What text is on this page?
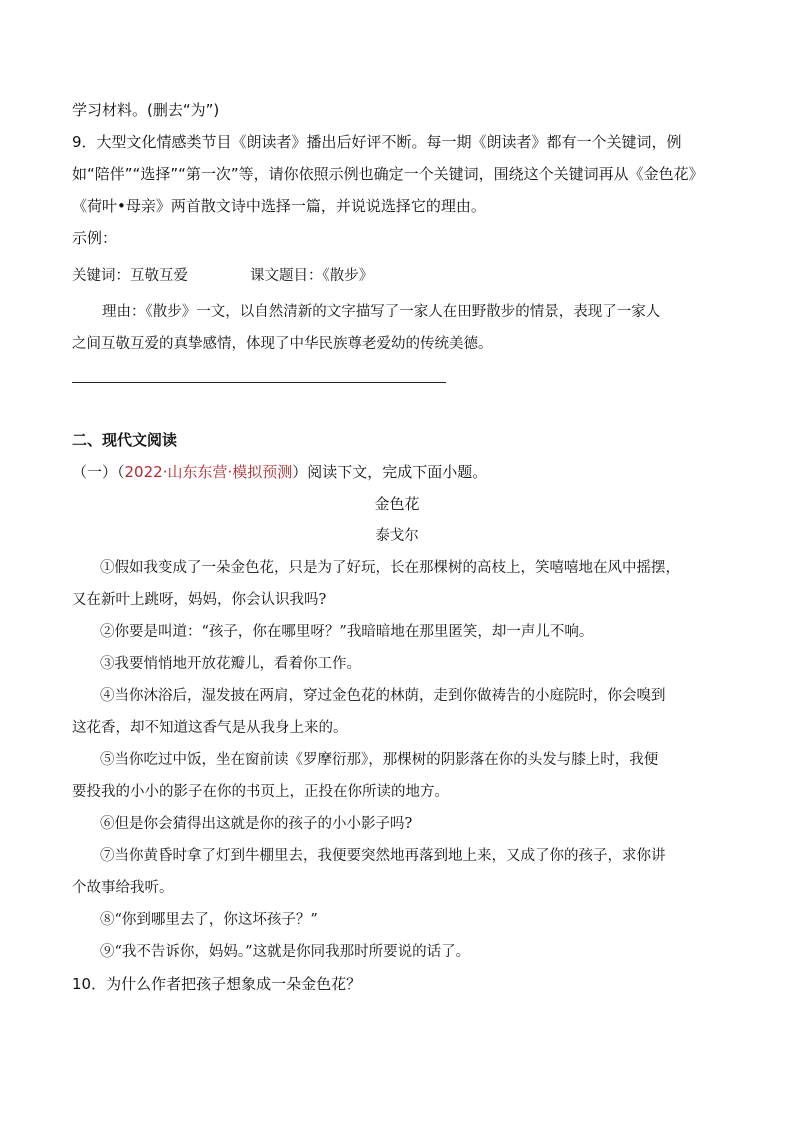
学习材料。(删去“为”)
9．大型文化情感类节目《朗读者》播出后好评不断。每一期《朗读者》都有一个关键词，例
如“陪伴”“选择”“第一次”等，请你依照示例也确定一个关键词，围绕这个关键词再从《金色花》
《荷叶•母亲》两首散文诗中选择一篇，并说说选择它的理由。
示例：
关键词：互敬互爱	课文题目：《散步》
理由：《散步》一文，以自然清新的文字描写了一家人在田野散步的情景，表现了一家人
之间互敬互爱的真挚感情，体现了中华民族尊老爱幼的传统美德。
二、现代文阅读
（一）（2022·山东东营·模拟预测）阅读下文，完成下面小题。
金色花
泰戈尔
①假如我变成了一朵金色花，只是为了好玩，长在那棵树的高枝上，笑嘻嘻地在风中摇摆，
又在新叶上跳呀，妈妈，你会认识我吗?
②你要是叫道：“孩子，你在哪里呀？”我暗暗地在那里匿笑，却一声儿不响。
③我要悄悄地开放花瓣儿，看着你工作。
④当你沐浴后，湿发披在两肩，穿过金色花的林荫，走到你做祷告的小庭院时，你会嗅到
这花香，却不知道这香气是从我身上来的。
⑤当你吃过中饭，坐在窗前读《罗摩衍那》，那棵树的阴影落在你的头发与膝上时，我便
要投我的小小的影子在你的书页上，正投在你所读的地方。
⑥但是你会猜得出这就是你的孩子的小小影子吗?
⑦当你黄昏时拿了灯到牛棚里去，我便要突然地再落到地上来，又成了你的孩子，求你讲
个故事给我听。
⑧“你到哪里去了，你这坏孩子？”
⑨“我不告诉你，妈妈。”这就是你同我那时所要说的话了。
10．为什么作者把孩子想象成一朵金色花？
